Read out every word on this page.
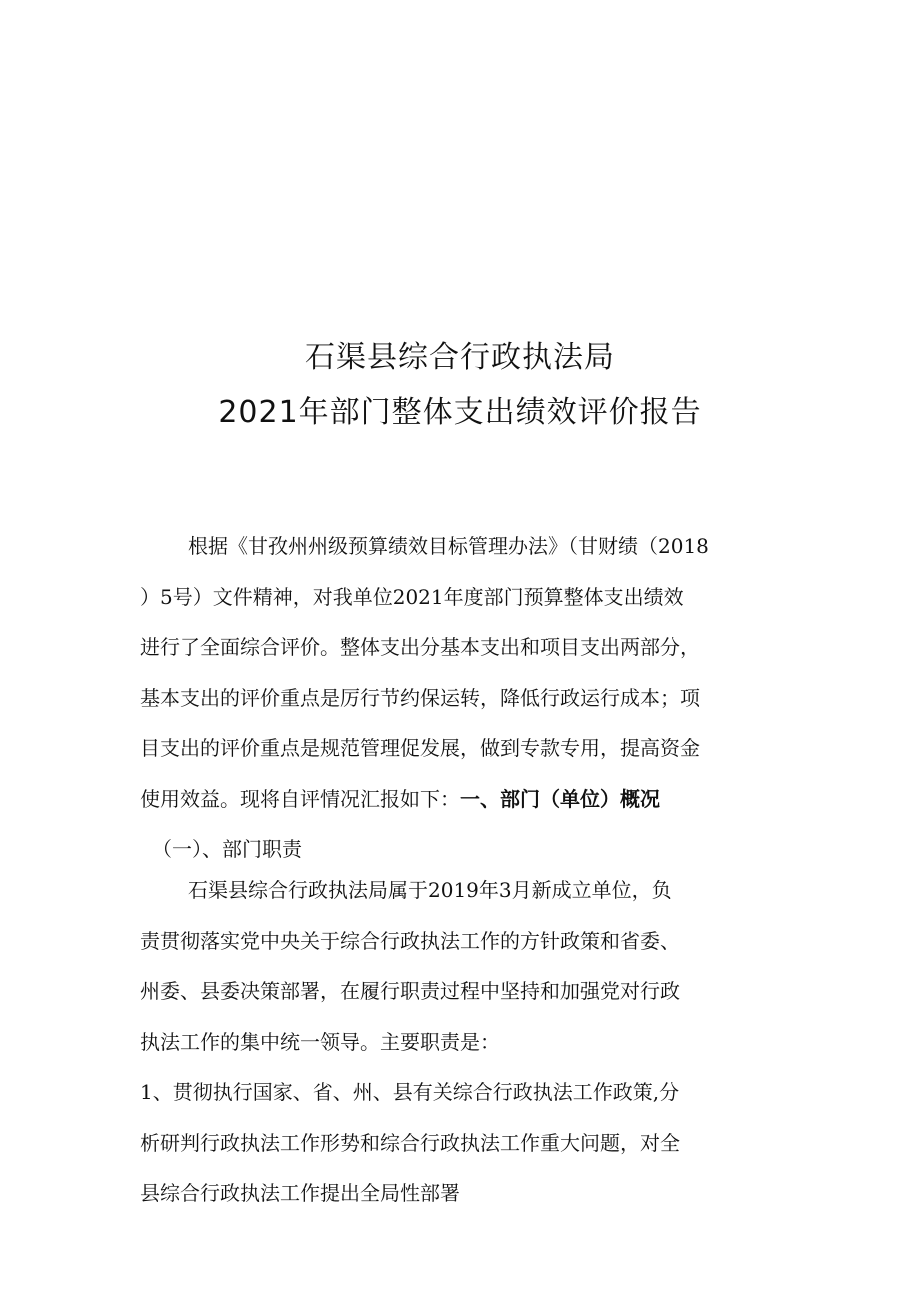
石渠县综合行政执法局
2021年部门整体支出绩效评价报告
根据《甘孜州州级预算绩效目标管理办法》（甘财绩（2018
）5号）文件精神，对我单位2021年度部门预算整体支出绩效
进行了全面综合评价。整体支出分基本支出和项目支出两部分，
基本支出的评价重点是厉行节约保运转，降低行政运行成本；项
目支出的评价重点是规范管理促发展，做到专款专用，提高资金
使用效益。现将自评情况汇报如下：一、部门（单位）概况
（一）、部门职责
石渠县综合行政执法局属于2019年3月新成立单位，负
责贯彻落实党中央关于综合行政执法工作的方针政策和省委、
州委、县委决策部署，在履行职责过程中坚持和加强党对行政
执法工作的集中统一领导。主要职责是：
1、贯彻执行国家、省、州、县有关综合行政执法工作政策,分
析研判行政执法工作形势和综合行政执法工作重大问题，对全
县综合行政执法工作提出全局性部署
